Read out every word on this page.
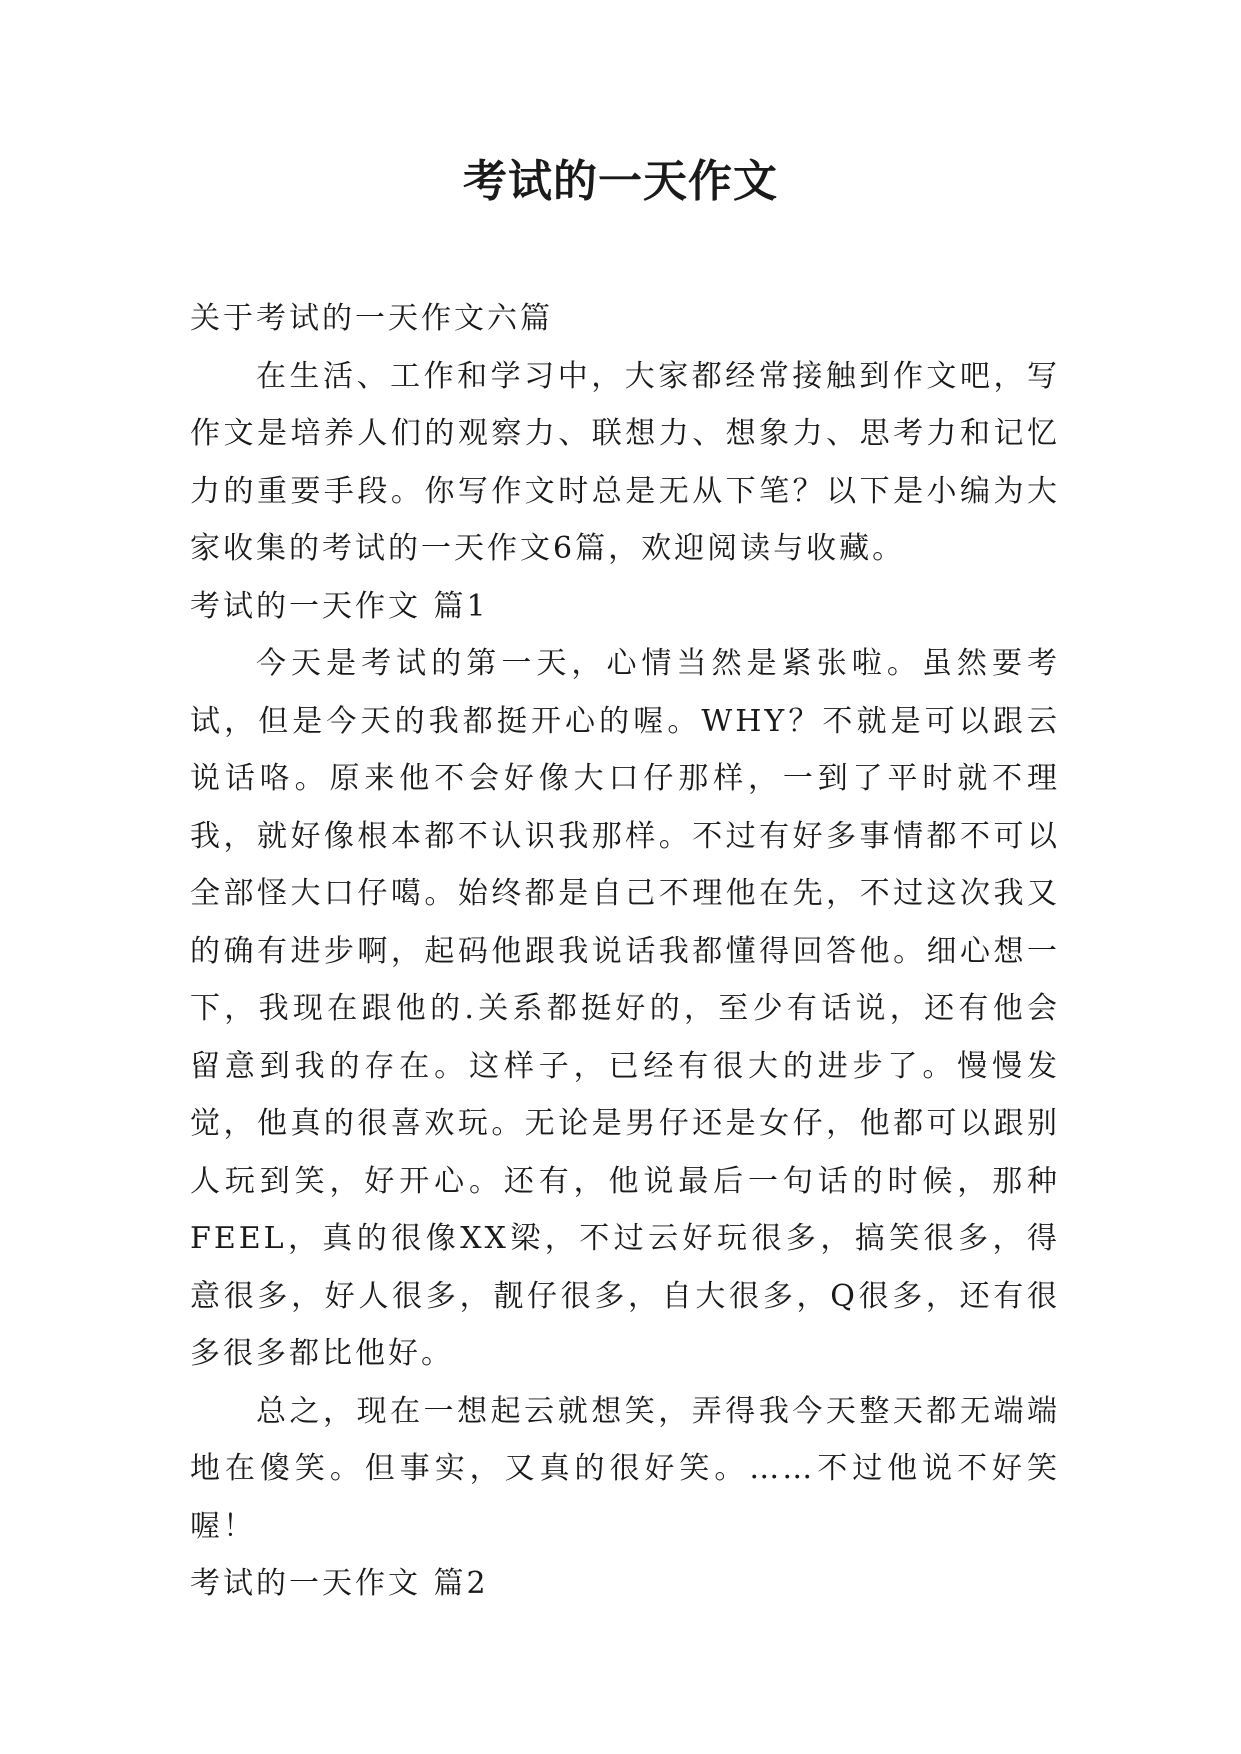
考试的一天作文

关于考试的一天作文六篇

在生活、工作和学习中，大家都经常接触到作文吧，写作文是培养人们的观察力、联想力、想象力、思考力和记忆力的重要手段。你写作文时总是无从下笔？以下是小编为大家收集的考试的一天作文6篇，欢迎阅读与收藏。

考试的一天作文 篇1

今天是考试的第一天，心情当然是紧张啦。虽然要考试，但是今天的我都挺开心的喔。WHY？不就是可以跟云说话咯。原来他不会好像大口仔那样，一到了平时就不理我，就好像根本都不认识我那样。不过有好多事情都不可以全部怪大口仔噶。始终都是自己不理他在先，不过这次我又的确有进步啊，起码他跟我说话我都懂得回答他。细心想一下，我现在跟他的.关系都挺好的，至少有话说，还有他会留意到我的存在。这样子，已经有很大的进步了。慢慢发觉，他真的很喜欢玩。无论是男仔还是女仔，他都可以跟别人玩到笑，好开心。还有，他说最后一句话的时候，那种FEEL，真的很像XX梁，不过云好玩很多，搞笑很多，得意很多，好人很多，靓仔很多，自大很多，Q很多，还有很多很多都比他好。

总之，现在一想起云就想笑，弄得我今天整天都无端端地在傻笑。但事实，又真的很好笑。……不过他说不好笑喔！

考试的一天作文 篇2
